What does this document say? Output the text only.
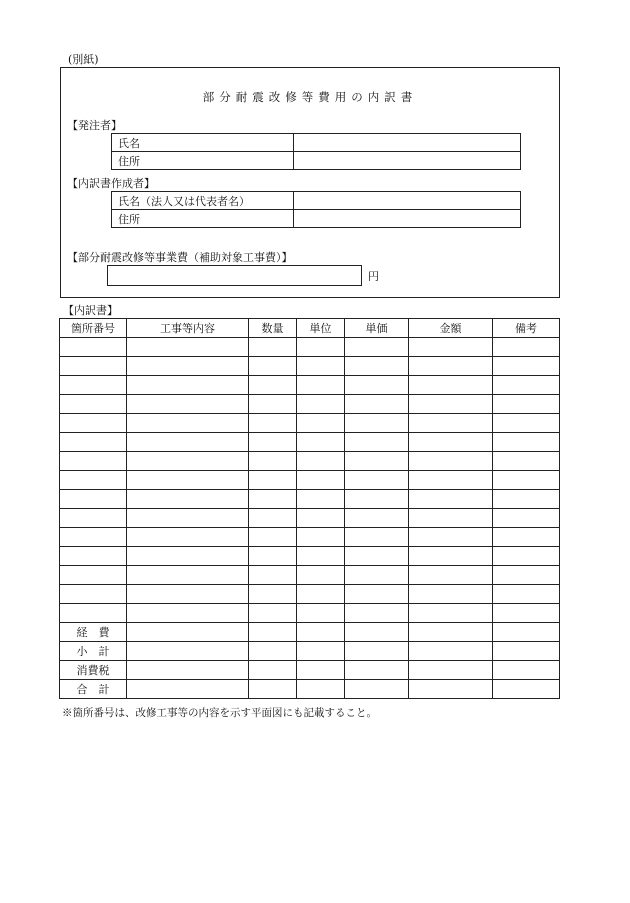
(別紙)
部分耐震改修等費用の内訳書
【発注者】
氏名	
住所	
【内訳書作成者】
氏名（法人又は代表者名）	
住所	
【部分耐震改修等事業費（補助対象工事費）】
円
【内訳書】
箇所番号	工事等内容	数量	単位	単価	金額	備考

経　費						
小　計						
消費税						
合　計						
※箇所番号は、改修工事等の内容を示す平面図にも記載すること。
